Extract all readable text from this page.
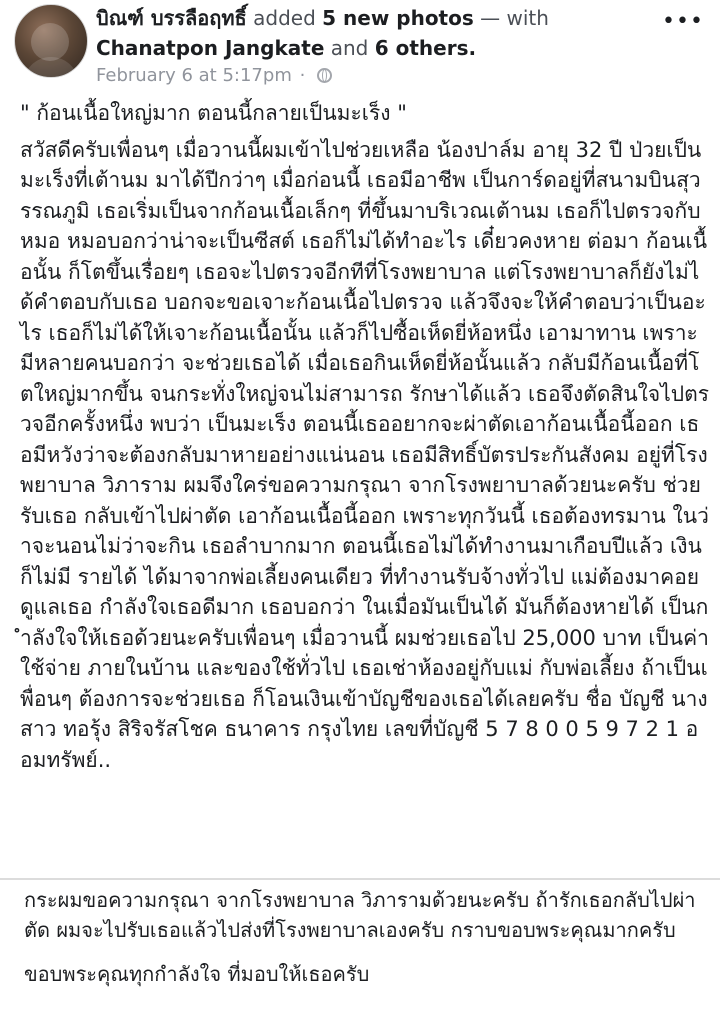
บิณฑ์ บรรลือฤทธิ์ added 5 new photos — with
Chanatpon Jangkate and 6 others.
February 6 at 5:17pm ·
•••

" ก้อนเนื้อใหญ่มาก ตอนนี้กลายเป็นมะเร็ง "

สวัสดีครับเพื่อนๆ เมื่อวานนี้ผมเข้าไปช่วยเหลือ น้องปาล์ม อายุ 32 ปี ป่วยเป็นมะเร็งที่เต้านม มาได้ปีกว่าๆ เมื่อก่อนนี้ เธอมีอาชีพ เป็นการ์ดอยู่ที่สนามบินสุวรรณภูมิ เธอเริ่มเป็นจากก้อนเนื้อเล็กๆ ที่ขึ้นมาบริเวณเต้านม เธอก็ไปตรวจกับหมอ หมอบอกว่าน่าจะเป็นซีสต์ เธอก็ไม่ได้ทำอะไร เดี๋ยวคงหาย ต่อมา ก้อนเนื้อนั้น ก็โตขึ้นเรื่อยๆ เธอจะไปตรวจอีกทีที่โรงพยาบาล แต่โรงพยาบาลก็ยังไม่ได้คำตอบกับเธอ บอกจะขอเจาะก้อนเนื้อไปตรวจ แล้วจึงจะให้คำตอบว่าเป็นอะไร เธอก็ไม่ได้ให้เจาะก้อนเนื้อนั้น แล้วก็ไปซื้อเห็ดยี่ห้อหนึ่ง เอามาทาน เพราะมีหลายคนบอกว่า จะช่วยเธอได้ เมื่อเธอกินเห็ดยี่ห้อนั้นแล้ว กลับมีก้อนเนื้อที่โตใหญ่มากขึ้น จนกระทั่งใหญ่จนไม่สามารถ รักษาได้แล้ว เธอจึงตัดสินใจไปตรวจอีกครั้งหนึ่ง พบว่า เป็นมะเร็ง ตอนนี้เธออยากจะผ่าตัดเอาก้อนเนื้อนี้ออก เธอมีหวังว่าจะต้องกลับมาหายอย่างแน่นอน เธอมีสิทธิ์บัตรประกันสังคม อยู่ที่โรงพยาบาล วิภาราม ผมจึงใคร่ขอความกรุณา จากโรงพยาบาลด้วยนะครับ ช่วยรับเธอ กลับเข้าไปผ่าตัด เอาก้อนเนื้อนี้ออก เพราะทุกวันนี้ เธอต้องทรมาน ในว่าจะนอนไม่ว่าจะกิน เธอลำบากมาก ตอนนี้เธอไม่ได้ทำงานมาเกือบปีแล้ว เงินก็ไม่มี รายได้ ได้มาจากพ่อเลี้ยงคนเดียว ที่ทำงานรับจ้างทั่วไป แม่ต้องมาคอยดูแลเธอ กำลังใจเธอดีมาก เธอบอกว่า ในเมื่อมันเป็นได้ มันก็ต้องหายได้ เป็นกำลังใจให้เธอด้วยนะครับเพื่อนๆ เมื่อวานนี้ ผมช่วยเธอไป 25,000 บาท เป็นค่าใช้จ่าย ภายในบ้าน และของใช้ทั่วไป เธอเช่าห้องอยู่กับแม่ กับพ่อเลี้ยง ถ้าเป็นเพื่อนๆ ต้องการจะช่วยเธอ ก็โอนเงินเข้าบัญชีของเธอได้เลยครับ ชื่อ บัญชี นางสาว ทอรุ้ง สิริจรัสโชค ธนาคาร กรุงไทย เลขที่บัญชี 5 7 8 0 0 5 9 7 2 1 ออมทรัพย์..

กระผมขอความกรุณา จากโรงพยาบาล วิภารามด้วยนะครับ ถ้ารักเธอกลับไปผ่าตัด ผมจะไปรับเธอแล้วไปส่งที่โรงพยาบาลเองครับ กราบขอบพระคุณมากครับ

ขอบพระคุณทุกกำลังใจ ที่มอบให้เธอครับ
